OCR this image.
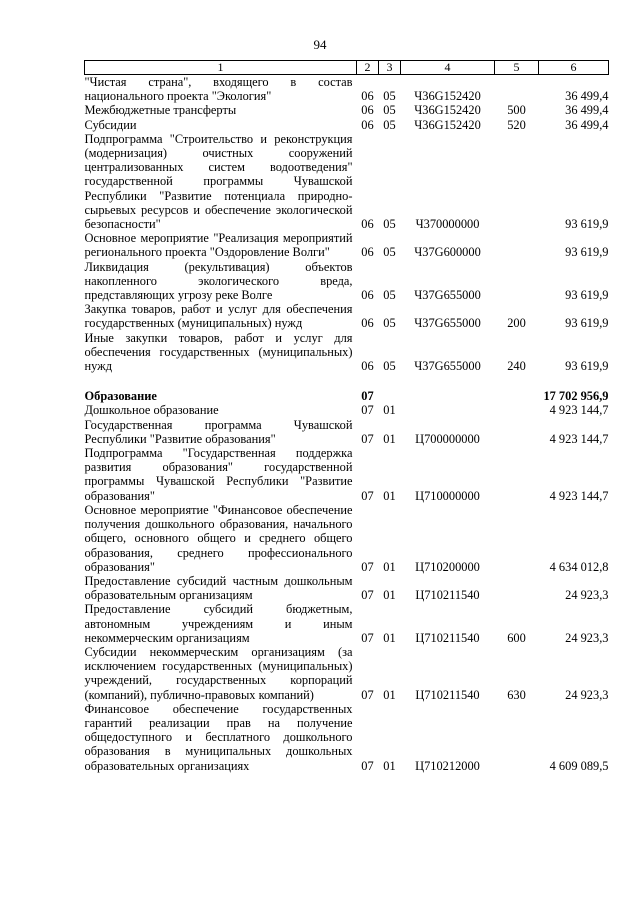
94
1	2	3	4	5	6
"Чистая страна", входящего в состав национального проекта "Экология"	06	05	Ч36G152420		36 499,4
Межбюджетные трансферты	06	05	Ч36G152420	500	36 499,4
Субсидии	06	05	Ч36G152420	520	36 499,4
Подпрограмма "Строительство и реконструкция (модернизация) очистных сооружений централизованных систем водоотведения" государственной программы Чувашской Республики "Развитие потенциала природно-сырьевых ресурсов и обеспечение экологической безопасности"	06	05	Ч370000000		93 619,9
Основное мероприятие "Реализация мероприятий регионального проекта "Оздоровление Волги"	06	05	Ч37G600000		93 619,9
Ликвидация (рекультивация) объектов накопленного экологического вреда, представляющих угрозу реке Волге	06	05	Ч37G655000		93 619,9
Закупка товаров, работ и услуг для обеспечения государственных (муниципальных) нужд	06	05	Ч37G655000	200	93 619,9
Иные закупки товаров, работ и услуг для обеспечения государственных (муниципальных) нужд	06	05	Ч37G655000	240	93 619,9

Образование	07				17 702 956,9
Дошкольное образование	07	01			4 923 144,7
Государственная программа Чувашской Республики "Развитие образования"	07	01	Ц700000000		4 923 144,7
Подпрограмма "Государственная поддержка развития образования" государственной программы Чувашской Республики "Развитие образования"	07	01	Ц710000000		4 923 144,7
Основное мероприятие "Финансовое обеспечение получения дошкольного образования, начального общего, основного общего и среднего общего образования, среднего профессионального образования"	07	01	Ц710200000		4 634 012,8
Предоставление субсидий частным дошкольным образовательным организациям	07	01	Ц710211540		24 923,3
Предоставление субсидий бюджетным, автономным учреждениям и иным некоммерческим организациям	07	01	Ц710211540	600	24 923,3
Субсидии некоммерческим организациям (за исключением государственных (муниципальных) учреждений, государственных корпораций (компаний), публично-правовых компаний)	07	01	Ц710211540	630	24 923,3
Финансовое обеспечение государственных гарантий реализации прав на получение общедоступного и бесплатного дошкольного образования в муниципальных дошкольных образовательных организациях	07	01	Ц710212000		4 609 089,5
